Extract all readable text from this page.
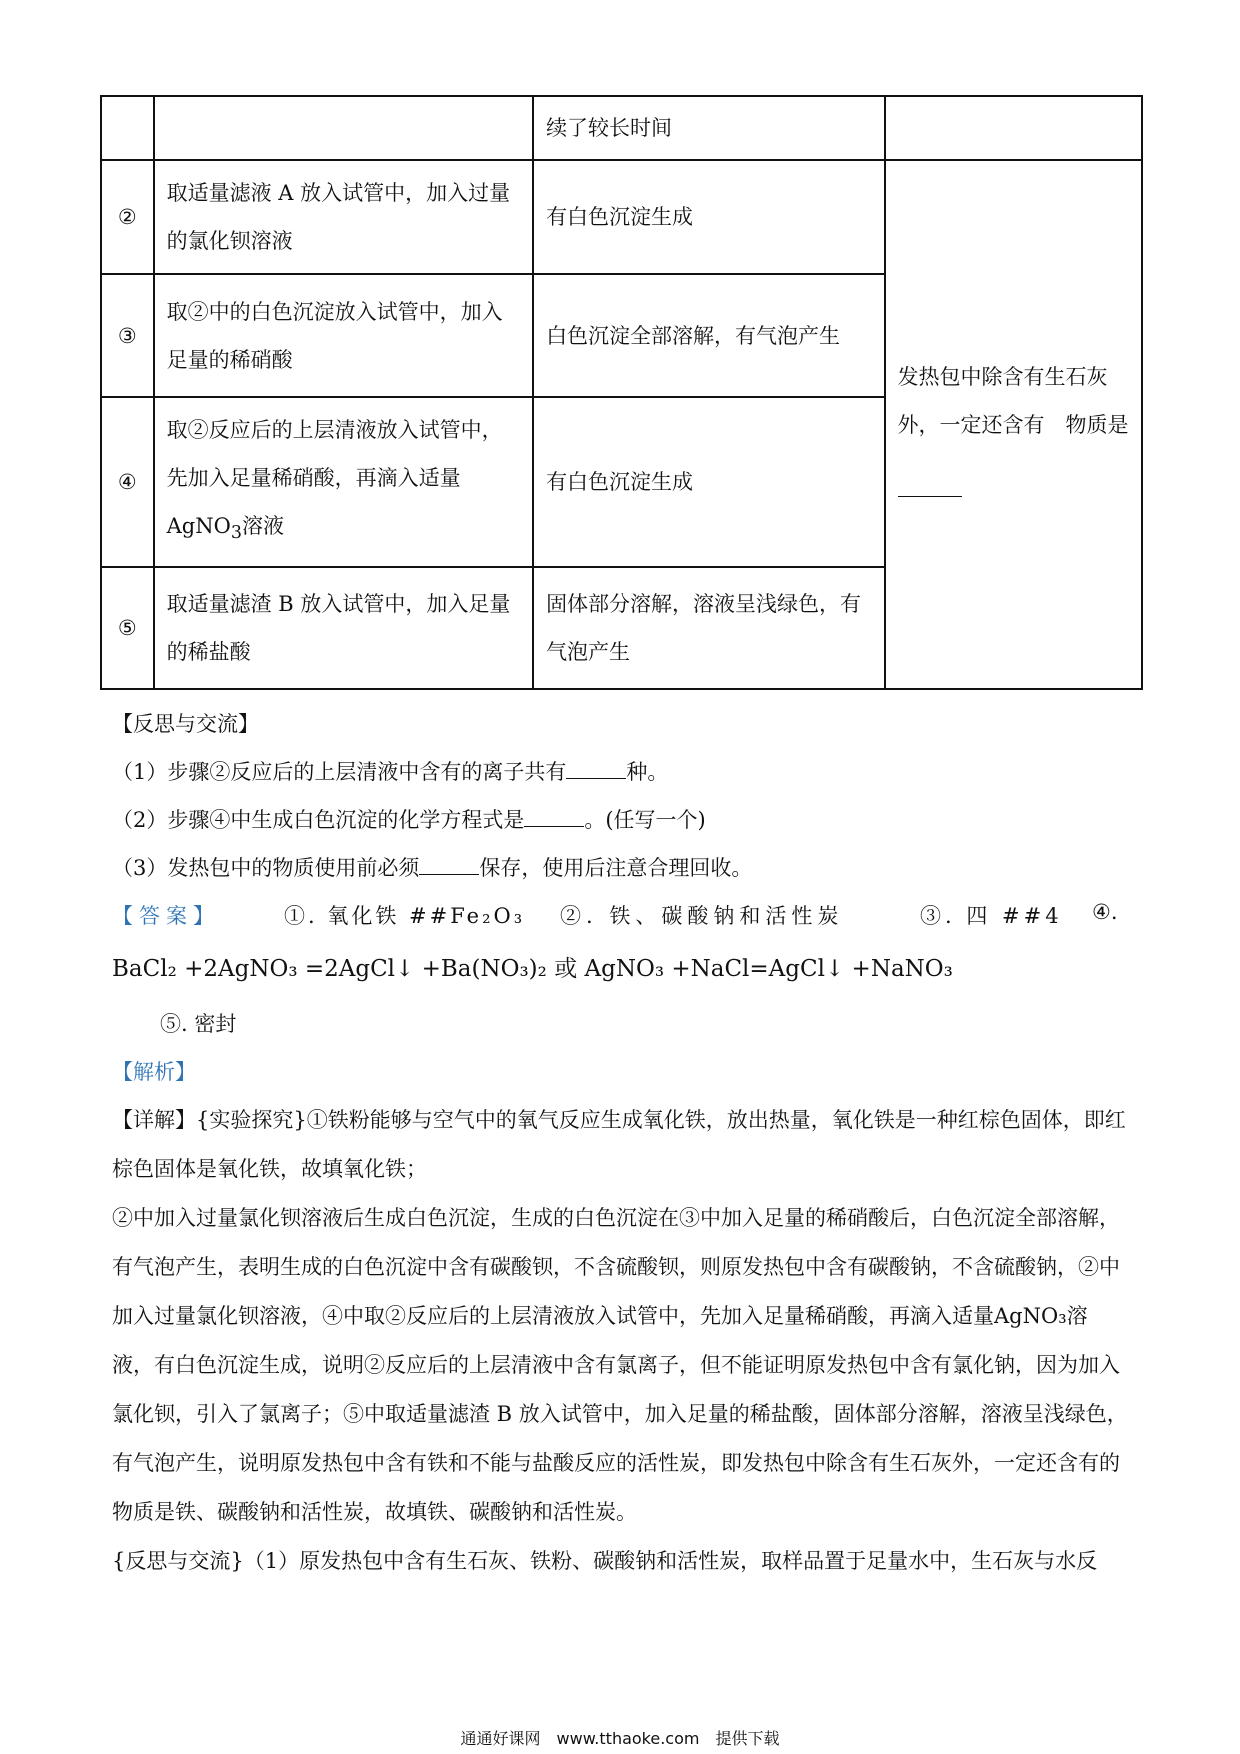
		续了较长时间	
②	取适量滤液 A 放入试管中，加入过量的氯化钡溶液	有白色沉淀生成	发热包中除含有生石灰外，一定还含有　物质是

③	取②中的白色沉淀放入试管中，加入足量的稀硝酸	白色沉淀全部溶解，有气泡产生	
④	取②反应后的上层清液放入试管中，先加入足量稀硝酸，再滴入适量 AgNO$_3$溶液	有白色沉淀生成	
⑤	取适量滤渣 B 放入试管中，加入足量的稀盐酸	固体部分溶解，溶液呈浅绿色，有气泡产生	
【反思与交流】
（1）步骤②反应后的上层清液中含有的离子共有	种。
（2）步骤④中生成白色沉淀的化学方程式是	。(任写一个)
（3）发热包中的物质使用前必须	保存，使用后注意合理回收。
【答案】	①. 氧化铁 ##Fe₂O₃ ②. 铁、碳酸钠和活性炭	③. 四 ##4 ④.
BaCl₂ +2AgNO₃ =2AgCl↓ +Ba(NO₃)₂ 或 AgNO₃ +NaCl=AgCl↓ +NaNO₃
⑤. 密封
【解析】
【详解】{实验探究}①铁粉能够与空气中的氧气反应生成氧化铁，放出热量，氧化铁是一种红棕色固体，即红棕色固体是氧化铁，故填氧化铁；
②中加入过量氯化钡溶液后生成白色沉淀，生成的白色沉淀在③中加入足量的稀硝酸后，白色沉淀全部溶解，有气泡产生，表明生成的白色沉淀中含有碳酸钡，不含硫酸钡，则原发热包中含有碳酸钠，不含硫酸钠，②中加入过量氯化钡溶液，④中取②反应后的上层清液放入试管中，先加入足量稀硝酸，再滴入适量AgNO₃溶液，有白色沉淀生成，说明②反应后的上层清液中含有氯离子，但不能证明原发热包中含有氯化钠，因为加入氯化钡，引入了氯离子；⑤中取适量滤渣 B 放入试管中，加入足量的稀盐酸，固体部分溶解，溶液呈浅绿色，有气泡产生，说明原发热包中含有铁和不能与盐酸反应的活性炭，即发热包中除含有生石灰外，一定还含有的物质是铁、碳酸钠和活性炭，故填铁、碳酸钠和活性炭。
{反思与交流}（1）原发热包中含有生石灰、铁粉、碳酸钠和活性炭，取样品置于足量水中，生石灰与水反
通通好课网　www.tthaoke.com　提供下载
